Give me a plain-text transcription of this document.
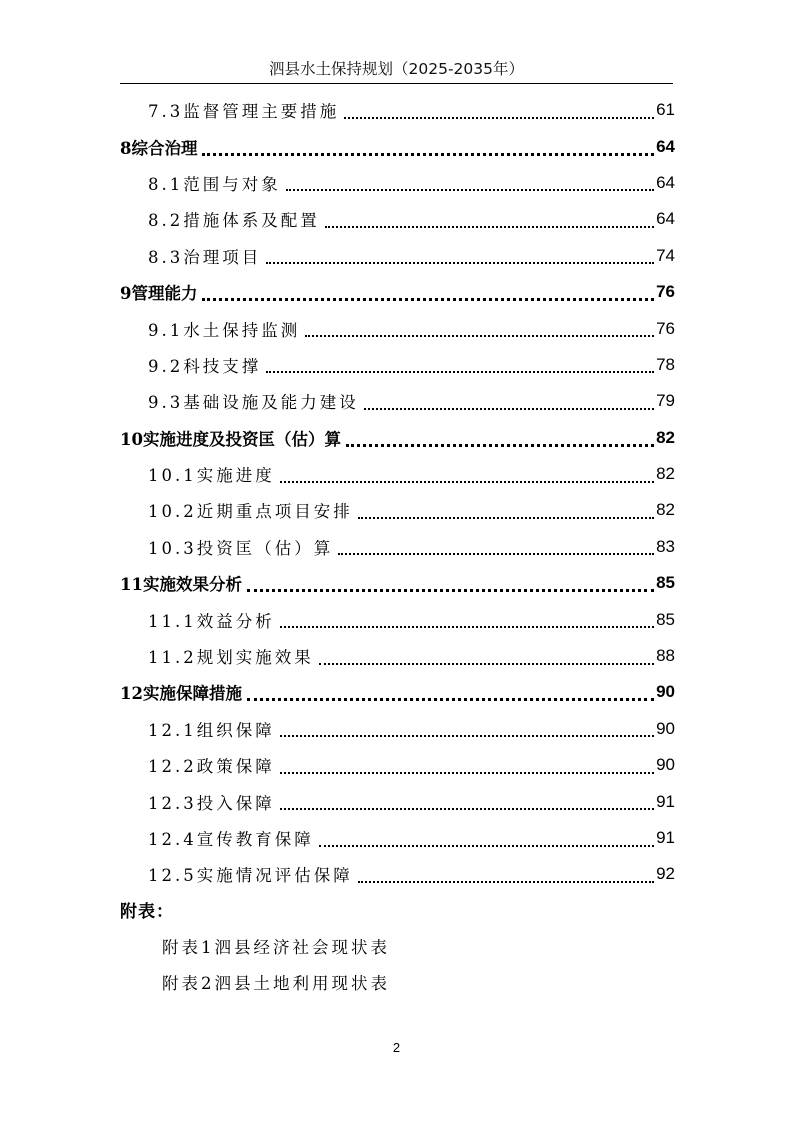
泗县水土保持规划（2025-2035年）
7.3监督管理主要措施	61
8综合治理	64
8.1范围与对象	64
8.2措施体系及配置	64
8.3治理项目	74
9管理能力	76
9.1水土保持监测	76
9.2科技支撑	78
9.3基础设施及能力建设	79
10实施进度及投资匡（估）算	82
10.1实施进度	82
10.2近期重点项目安排	82
10.3投资匡（估）算	83
11实施效果分析	85
11.1效益分析	85
11.2规划实施效果	88
12实施保障措施	90
12.1组织保障	90
12.2政策保障	90
12.3投入保障	91
12.4宣传教育保障	91
12.5实施情况评估保障	92
附表：
附表1泗县经济社会现状表
附表2泗县土地利用现状表
2
